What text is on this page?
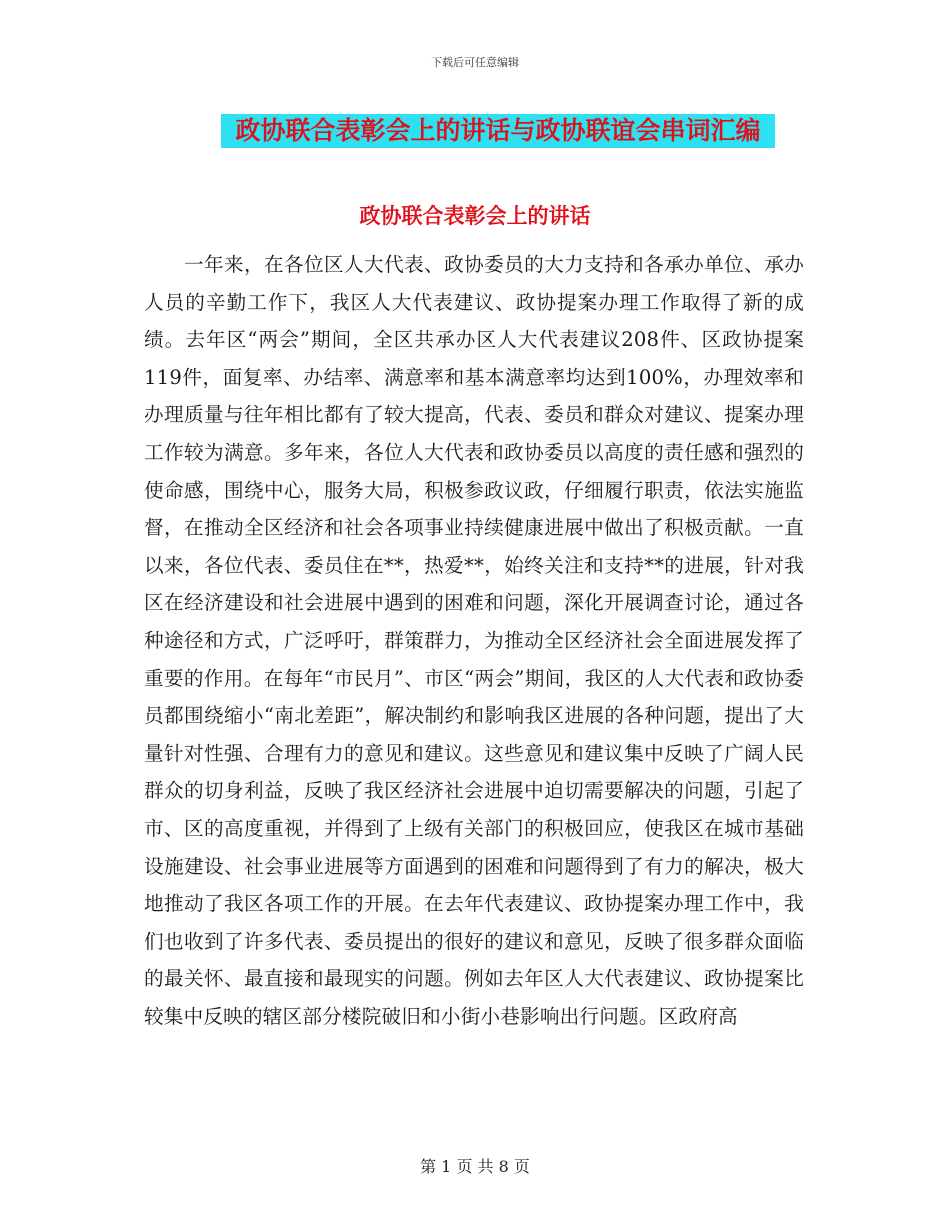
下载后可任意编辑
政协联合表彰会上的讲话与政协联谊会串词汇编
政协联合表彰会上的讲话

一年来，在各位区人大代表、政协委员的大力支持和各承办单位、承办人员的辛勤工作下，我区人大代表建议、政协提案办理工作取得了新的成绩。去年区“两会”期间，全区共承办区人大代表建议208件、区政协提案119件，面复率、办结率、满意率和基本满意率均达到100%，办理效率和办理质量与往年相比都有了较大提高，代表、委员和群众对建议、提案办理工作较为满意。多年来，各位人大代表和政协委员以高度的责任感和强烈的使命感，围绕中心，服务大局，积极参政议政，仔细履行职责，依法实施监督，在推动全区经济和社会各项事业持续健康进展中做出了积极贡献。一直以来，各位代表、委员住在**，热爱**，始终关注和支持**的进展，针对我区在经济建设和社会进展中遇到的困难和问题，深化开展调查讨论，通过各种途径和方式，广泛呼吁，群策群力，为推动全区经济社会全面进展发挥了重要的作用。在每年“市民月”、市区“两会”期间，我区的人大代表和政协委员都围绕缩小“南北差距”，解决制约和影响我区进展的各种问题，提出了大量针对性强、合理有力的意见和建议。这些意见和建议集中反映了广阔人民群众的切身利益，反映了我区经济社会进展中迫切需要解决的问题，引起了市、区的高度重视，并得到了上级有关部门的积极回应，使我区在城市基础设施建设、社会事业进展等方面遇到的困难和问题得到了有力的解决，极大地推动了我区各项工作的开展。在去年代表建议、政协提案办理工作中，我们也收到了许多代表、委员提出的很好的建议和意见，反映了很多群众面临的最关怀、最直接和最现实的问题。例如去年区人大代表建议、政协提案比较集中反映的辖区部分楼院破旧和小街小巷影响出行问题。区政府高

第 1 页 共 8 页
